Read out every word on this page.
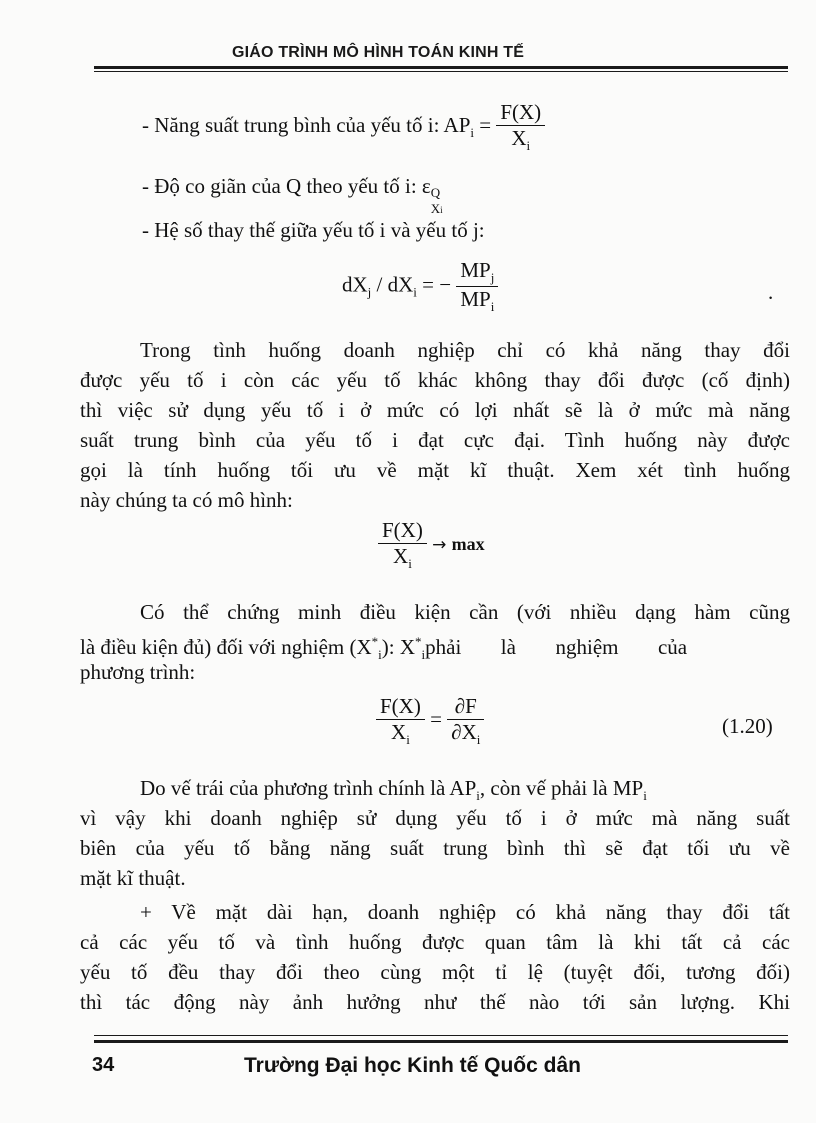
GIÁO TRÌNH MÔ HÌNH TOÁN KINH TẾ
- Năng suất trung bình của yếu tố i: $AP_i = \frac{F(X)}{X_i}$
- Độ co giãn của Q theo yếu tố i: ε Q
Xi
- Hệ số thay thế giữa yếu tố i và yếu tố j:
$dX_j / dX_i$ = − $\frac{MP_j}{MP_i}$	.
Trong tình huống doanh nghiệp chỉ có khả năng thay đổi
được yếu tố i còn các yếu tố khác không thay đổi được (cố định)
thì việc sử dụng yếu tố i ở mức có lợi nhất sẽ là ở mức mà năng
suất trung bình của yếu tố i đạt cực đại. Tình huống này được
gọi là tính huống tối ưu về mặt kĩ thuật. Xem xét tình huống
này chúng ta có mô hình:
$\frac{F(X)}{X_i} \to \max$
Có thể chứng minh điều kiện cần (với nhiều dạng hàm cũng
là điều kiện đủ) đối với nghiệm $(X^*_i)$: $X^*_iphải$ là nghiệm của
phương trình:
$\frac{F(X)}{X_i} = \frac{\partial F}{\partial X_i}$	(1.20)
Do vế trái của phương trình chính là $AP_i$, còn vế phải là $MP_i$
vì vậy khi doanh nghiệp sử dụng yếu tố i ở mức mà năng suất
biên của yếu tố bằng năng suất trung bình thì sẽ đạt tối ưu về
mặt kĩ thuật.
+ Về mặt dài hạn, doanh nghiệp có khả năng thay đổi tất
cả các yếu tố và tình huống được quan tâm là khi tất cả các
yếu tố đều thay đổi theo cùng một tỉ lệ (tuyệt đối, tương đối)
thì tác động này ảnh hưởng như thế nào tới sản lượng. Khi
34	Trường Đại học Kinh tế Quốc dân
